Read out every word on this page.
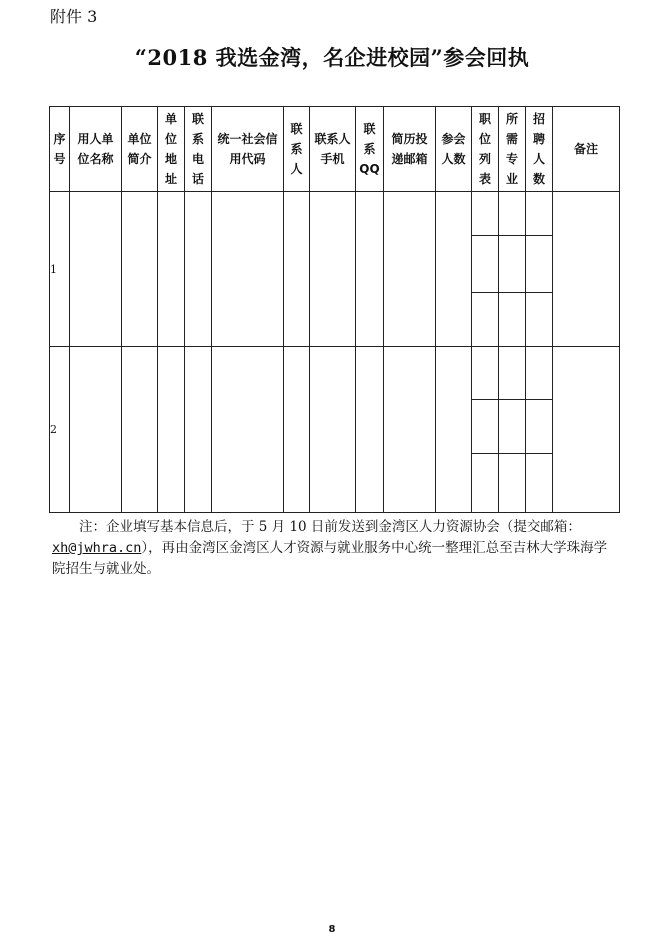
附件 3
“2018 我选金湾，名企进校园”参会回执
序号	用人单位名称	单位简介	单位地址	联系电话	统一社会信用代码	联系人	联系人手机	联系QQ	简历投递邮箱	参会人数	职位列表	所需专业	招聘人数	备注
1														

2														

注：企业填写基本信息后，于 5 月 10 日前发送到金湾区人力资源协会（提交邮箱：xh@jwhra.cn），再由金湾区金湾区人才资源与就业服务中心统一整理汇总至吉林大学珠海学院招生与就业处。
8
